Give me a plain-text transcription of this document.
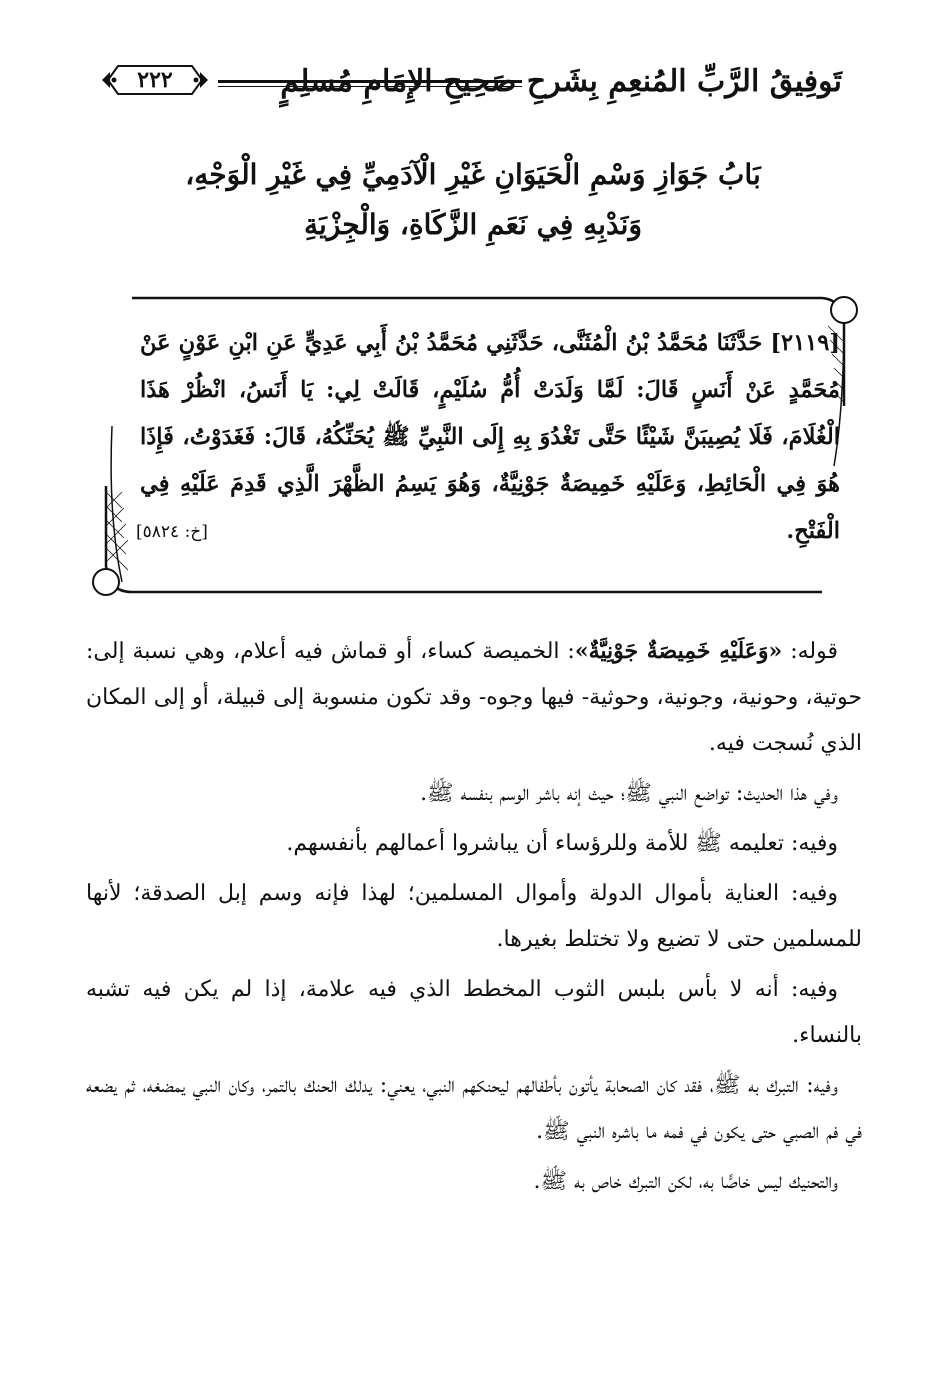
تَوفِيقُ الرَّبِّ المُنعِمِ بِشَرحِ صَحِيحِ الإِمَامِ مُسلِمٍ
٢٢٢
بَابُ جَوَازِ وَسْمِ الْحَيَوَانِ غَيْرِ الْآدَمِيِّ فِي غَيْرِ الْوَجْهِ،
وَنَدْبِهِ فِي نَعَمِ الزَّكَاةِ، وَالْجِزْيَةِ
[٢١١٩] حَدَّثَنَا مُحَمَّدُ بْنُ الْمُثَنَّى، حَدَّثَنِي مُحَمَّدُ بْنُ أَبِي عَدِيٍّ عَنِ ابْنِ عَوْنٍ عَنْ مُحَمَّدٍ عَنْ أَنَسٍ قَالَ: لَمَّا وَلَدَتْ أُمُّ سُلَيْمٍ، قَالَتْ لِي: يَا أَنَسُ، انْظُرْ هَذَا الْغُلَامَ، فَلَا يُصِيبَنَّ شَيْئًا حَتَّى تَغْدُوَ بِهِ إِلَى النَّبِيِّ ﷺ يُحَنِّكُهُ، قَالَ: فَغَدَوْتُ، فَإِذَا هُوَ فِي الْحَائِطِ، وَعَلَيْهِ خَمِيصَةٌ جَوْنِيَّةٌ، وَهُوَ يَسِمُ الظَّهْرَ الَّذِي قَدِمَ عَلَيْهِ فِي الْفَتْحِ.
[خ: ٥٨٢٤]

قوله: «وَعَلَيْهِ خَمِيصَةٌ جَوْنِيَّةٌ»: الخميصة كساء، أو قماش فيه أعلام، وهي نسبة إلى: حوتية، وحونية، وجونية، وحوثية- فيها وجوه- وقد تكون منسوبة إلى قبيلة، أو إلى المكان الذي نُسجت فيه.

وفي هذا الحديث: تواضع النبي ﷺ؛ حيث إنه باشر الوسم بنفسه ﷺ.

وفيه: تعليمه ﷺ للأمة وللرؤساء أن يباشروا أعمالهم بأنفسهم.

وفيه: العناية بأموال الدولة وأموال المسلمين؛ لهذا فإنه وسم إبل الصدقة؛ لأنها للمسلمين حتى لا تضيع ولا تختلط بغيرها.

وفيه: أنه لا بأس بلبس الثوب المخطط الذي فيه علامة، إذا لم يكن فيه تشبه بالنساء.

وفيه: التبرك به ﷺ، فقد كان الصحابة يأتون بأطفالهم ليحنكهم النبي، يعني: يدلك الحنك بالتمر، وكان النبي يمضغه، ثم يضعه في فم الصبي حتى يكون في فمه ما باشره النبي ﷺ.

والتحنيك ليس خاصًّا به، لكن التبرك خاص به ﷺ.
